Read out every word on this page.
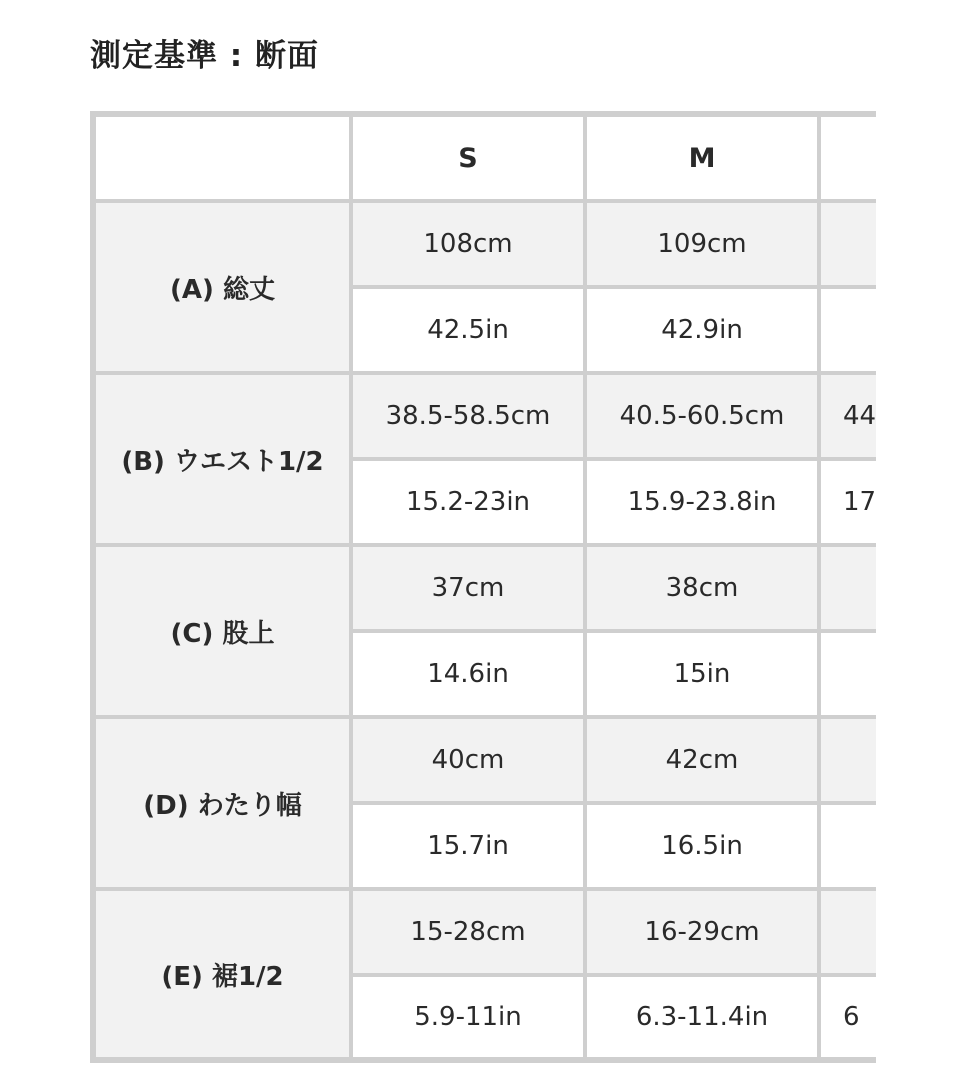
測定基準 : 断面
S	M
(A) 総丈
108cm	109cm
42.5in	42.9in
(B) ウエスト1/2
38.5-58.5cm	40.5-60.5cm	44
15.2-23in	15.9-23.8in	17
(C) 股上
37cm	38cm
14.6in	15in
(D) わたり幅
40cm	42cm
15.7in	16.5in
(E) 裾1/2
15-28cm	16-29cm
5.9-11in	6.3-11.4in	6
